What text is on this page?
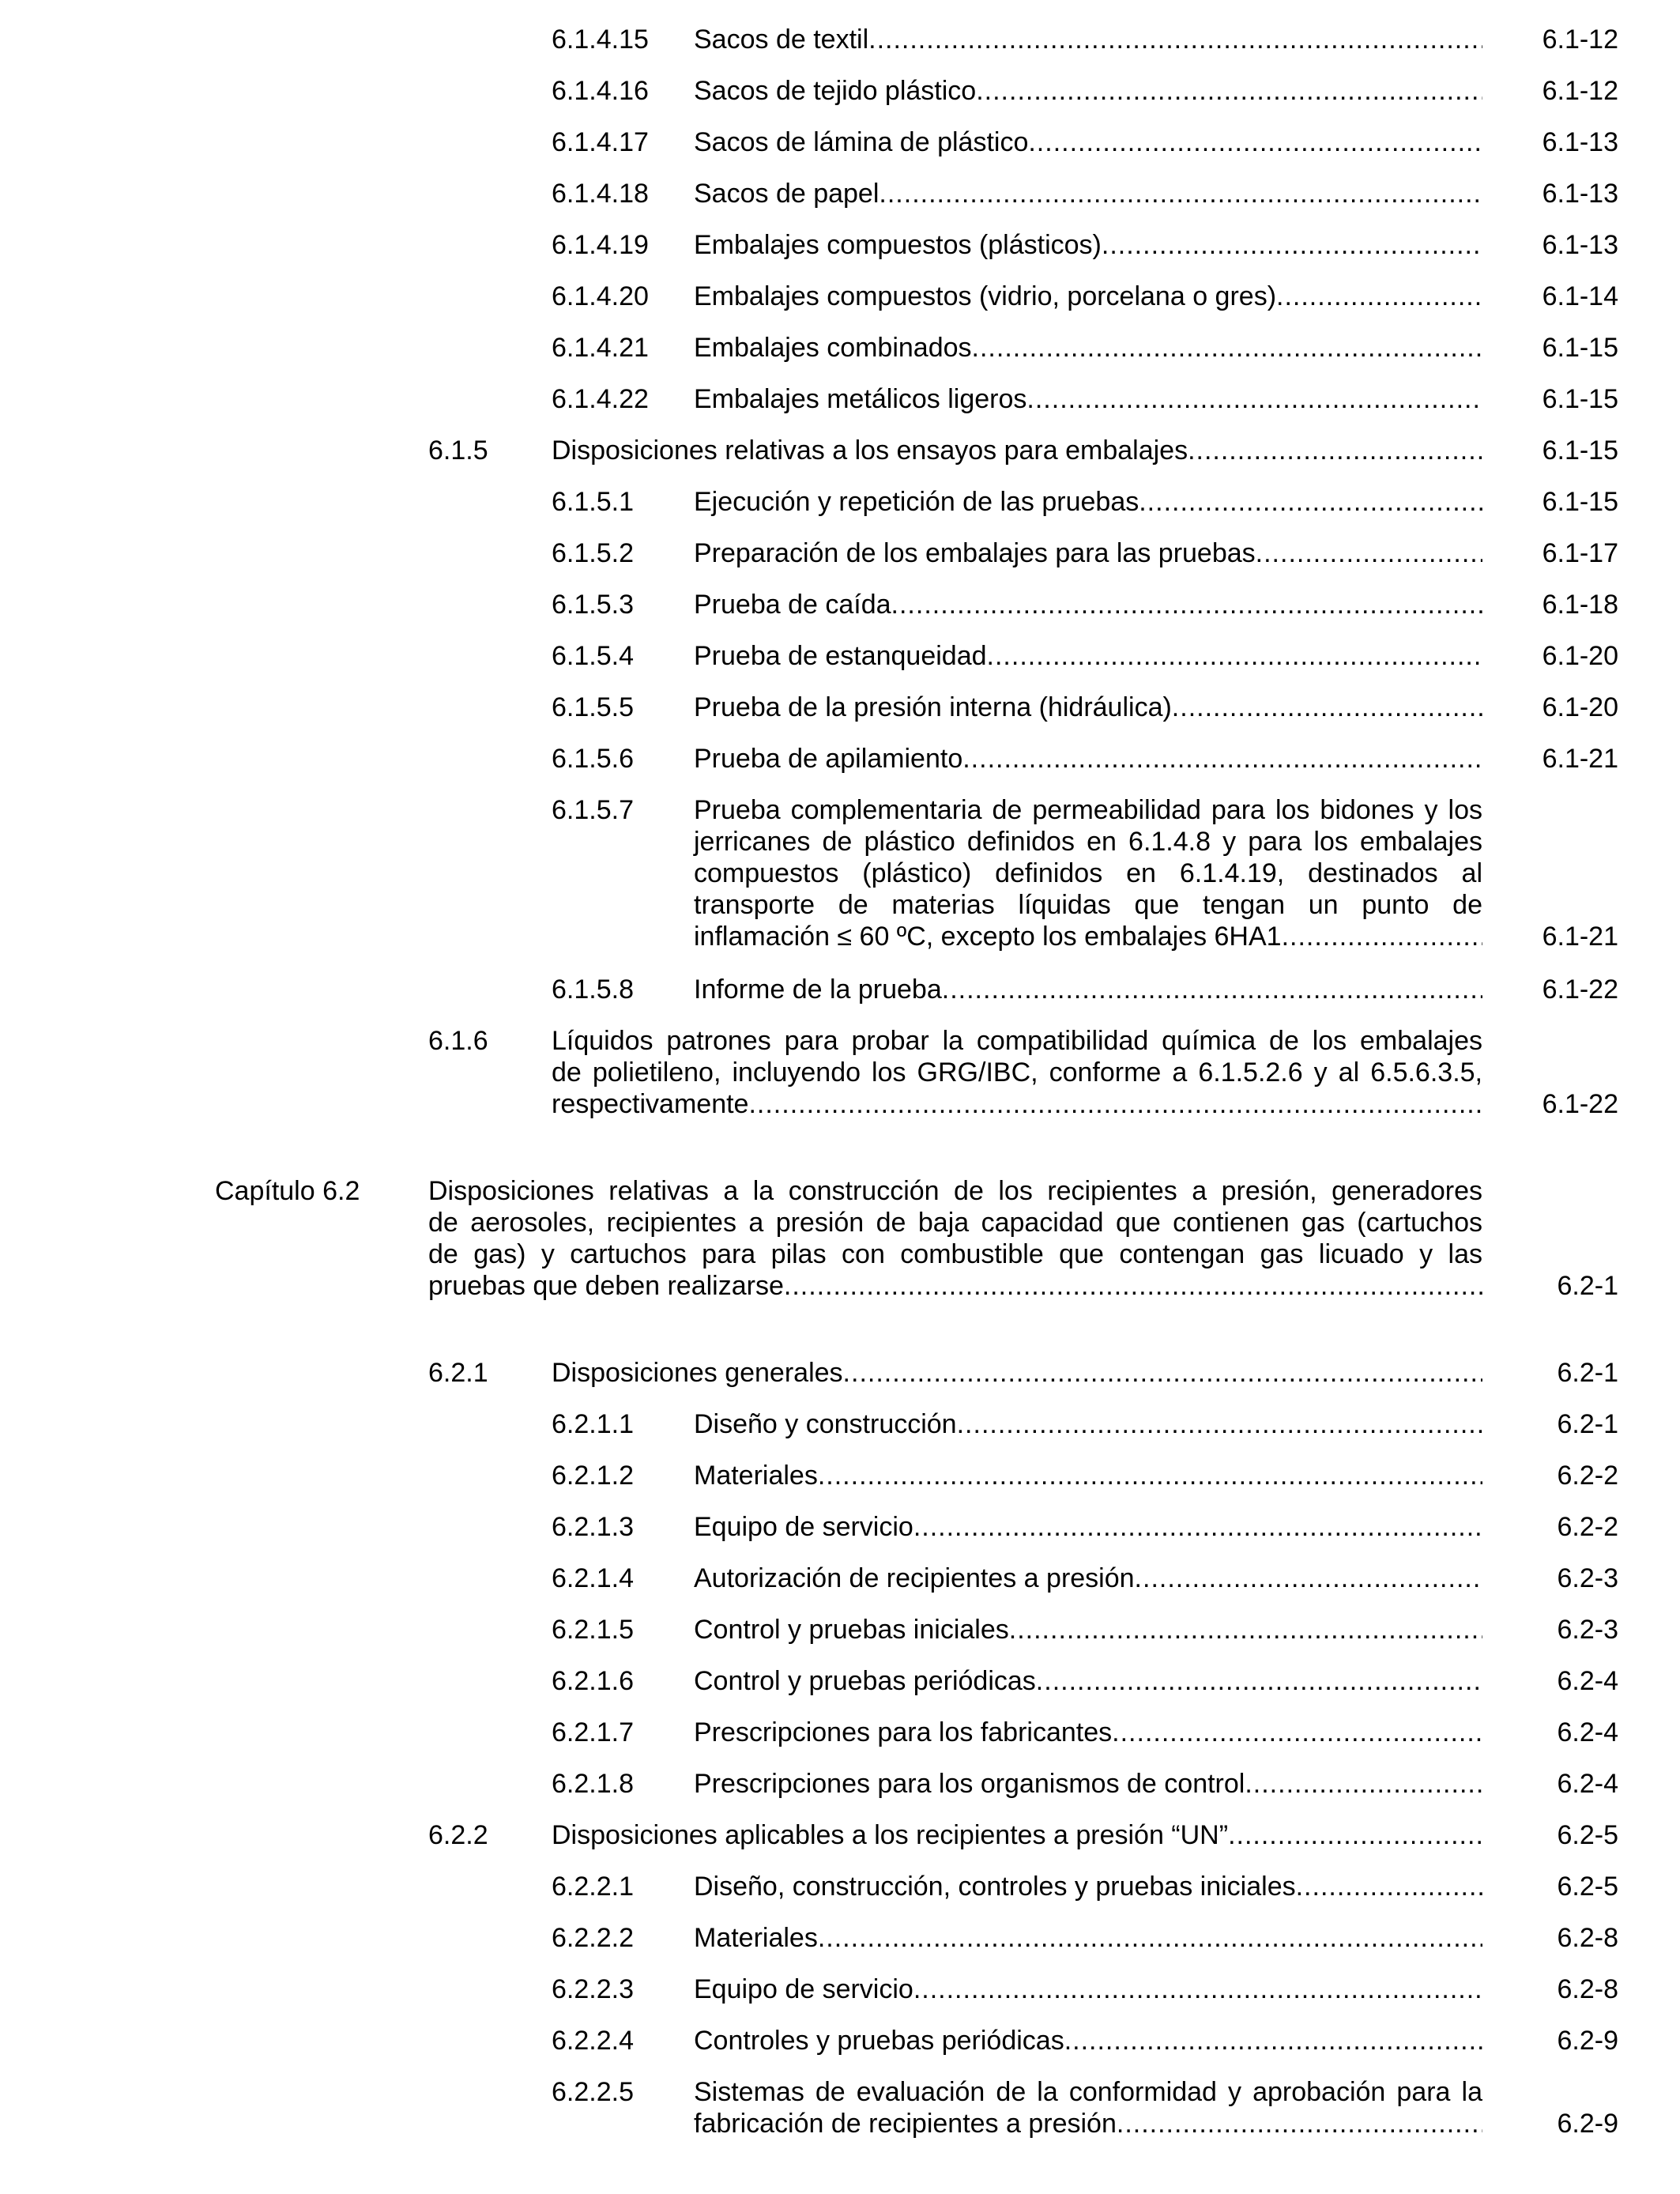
6.1.4.15 Sacos de textil .....	6.1-12
6.1.4.16 Sacos de tejido plástico .....	6.1-12
6.1.4.17 Sacos de lámina de plástico .....	6.1-13
6.1.4.18 Sacos de papel .....	6.1-13
6.1.4.19 Embalajes compuestos (plásticos) .....	6.1-13
6.1.4.20 Embalajes compuestos (vidrio, porcelana o gres) .....	6.1-14
6.1.4.21 Embalajes combinados .....	6.1-15
6.1.4.22 Embalajes metálicos ligeros .....	6.1-15
6.1.5 Disposiciones relativas a los ensayos para embalajes .....	6.1-15
6.1.5.1 Ejecución y repetición de las pruebas .....	6.1-15
6.1.5.2 Preparación de los embalajes para las pruebas .....	6.1-17
6.1.5.3 Prueba de caída .....	6.1-18
6.1.5.4 Prueba de estanqueidad .....	6.1-20
6.1.5.5 Prueba de la presión interna (hidráulica) .....	6.1-20
6.1.5.6 Prueba de apilamiento .....	6.1-21
6.1.5.7 Prueba complementaria de permeabilidad para los bidones y los
jerricanes de plástico definidos en 6.1.4.8 y para los embalajes
compuestos (plástico) definidos en 6.1.4.19, destinados al
transporte de materias líquidas que tengan un punto de
inflamación ≤ 60 ºC, excepto los embalajes 6HA1 .....	6.1-21
6.1.5.8 Informe de la prueba .....	6.1-22
6.1.6 Líquidos patrones para probar la compatibilidad química de los embalajes
de polietileno, incluyendo los GRG/IBC, conforme a 6.1.5.2.6 y al 6.5.6.3.5,
respectivamente .....	6.1-22
Capítulo 6.2	Disposiciones relativas a la construcción de los recipientes a presión, generadores
de aerosoles, recipientes a presión de baja capacidad que contienen gas (cartuchos
de gas) y cartuchos para pilas con combustible que contengan gas licuado y las
pruebas que deben realizarse .....	6.2-1
6.2.1 Disposiciones generales .....	6.2-1
6.2.1.1 Diseño y construcción .....	6.2-1
6.2.1.2 Materiales .....	6.2-2
6.2.1.3 Equipo de servicio .....	6.2-2
6.2.1.4 Autorización de recipientes a presión .....	6.2-3
6.2.1.5 Control y pruebas iniciales .....	6.2-3
6.2.1.6 Control y pruebas periódicas .....	6.2-4
6.2.1.7 Prescripciones para los fabricantes .....	6.2-4
6.2.1.8 Prescripciones para los organismos de control .....	6.2-4
6.2.2 Disposiciones aplicables a los recipientes a presión “UN” .....	6.2-5
6.2.2.1 Diseño, construcción, controles y pruebas iniciales .....	6.2-5
6.2.2.2 Materiales .....	6.2-8
6.2.2.3 Equipo de servicio .....	6.2-8
6.2.2.4 Controles y pruebas periódicas .....	6.2-9
6.2.2.5 Sistemas de evaluación de la conformidad y aprobación para la
fabricación de recipientes a presión .....	6.2-9
